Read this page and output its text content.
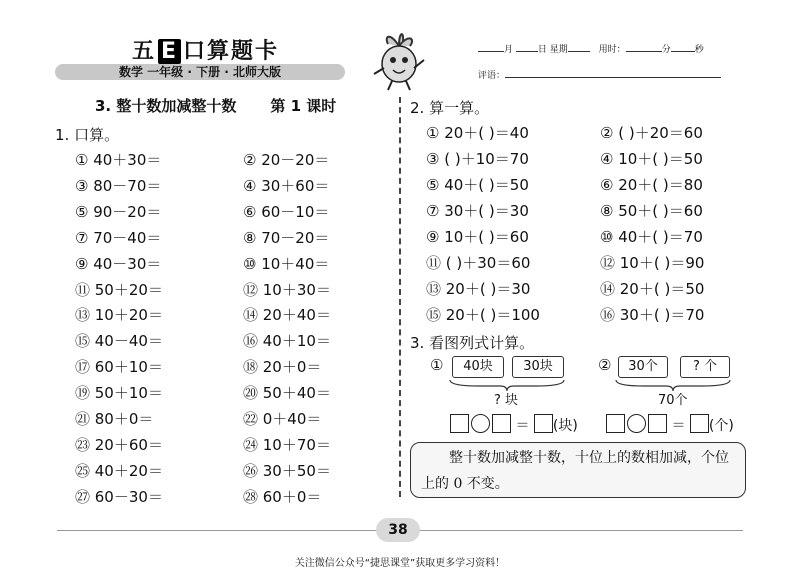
五 E 口算题卡
数学 一年级 · 下册 · 北师大版
月	日 星期	用时：	分	秒
评语：
3. 整十数加减整十数 第 1 课时
1. 口算。
① 40＋30＝	② 20－20＝
③ 80－70＝	④ 30＋60＝
⑤ 90－20＝	⑥ 60－10＝
⑦ 70－40＝	⑧ 70－20＝
⑨ 40－30＝	⑩ 10＋40＝
⑪ 50＋20＝	⑫ 10＋30＝
⑬ 10＋20＝	⑭ 20＋40＝
⑮ 40－40＝	⑯ 40＋10＝
⑰ 60＋10＝	⑱ 20＋0＝
⑲ 50＋10＝	⑳ 50＋40＝
㉑ 80＋0＝	㉒ 0＋40＝
㉓ 20＋60＝	㉔ 10＋70＝
㉕ 40＋20＝	㉖ 30＋50＝
㉗ 60－30＝	㉘ 60＋0＝
2. 算一算。
① 20＋( )＝40	② ( )＋20＝60
③ ( )＋10＝70	④ 10＋( )＝50
⑤ 40＋( )＝50	⑥ 20＋( )＝80
⑦ 30＋( )＝30	⑧ 50＋( )＝60
⑨ 10＋( )＝60	⑩ 40＋( )＝70
⑪ ( )＋30＝60	⑫ 10＋( )＝90
⑬ 20＋( )＝30	⑭ 20＋( )＝50
⑮ 20＋( )＝100	⑯ 30＋( )＝70
3. 看图列式计算。
①	40块	30块
? 块
②	30个	? 个
70个
＝ (块)	＝ (个)
整十数加减整十数，十位上的数相加减，个位上的 0 不变。
38
关注微信公众号“捷思课堂”获取更多学习资料！
